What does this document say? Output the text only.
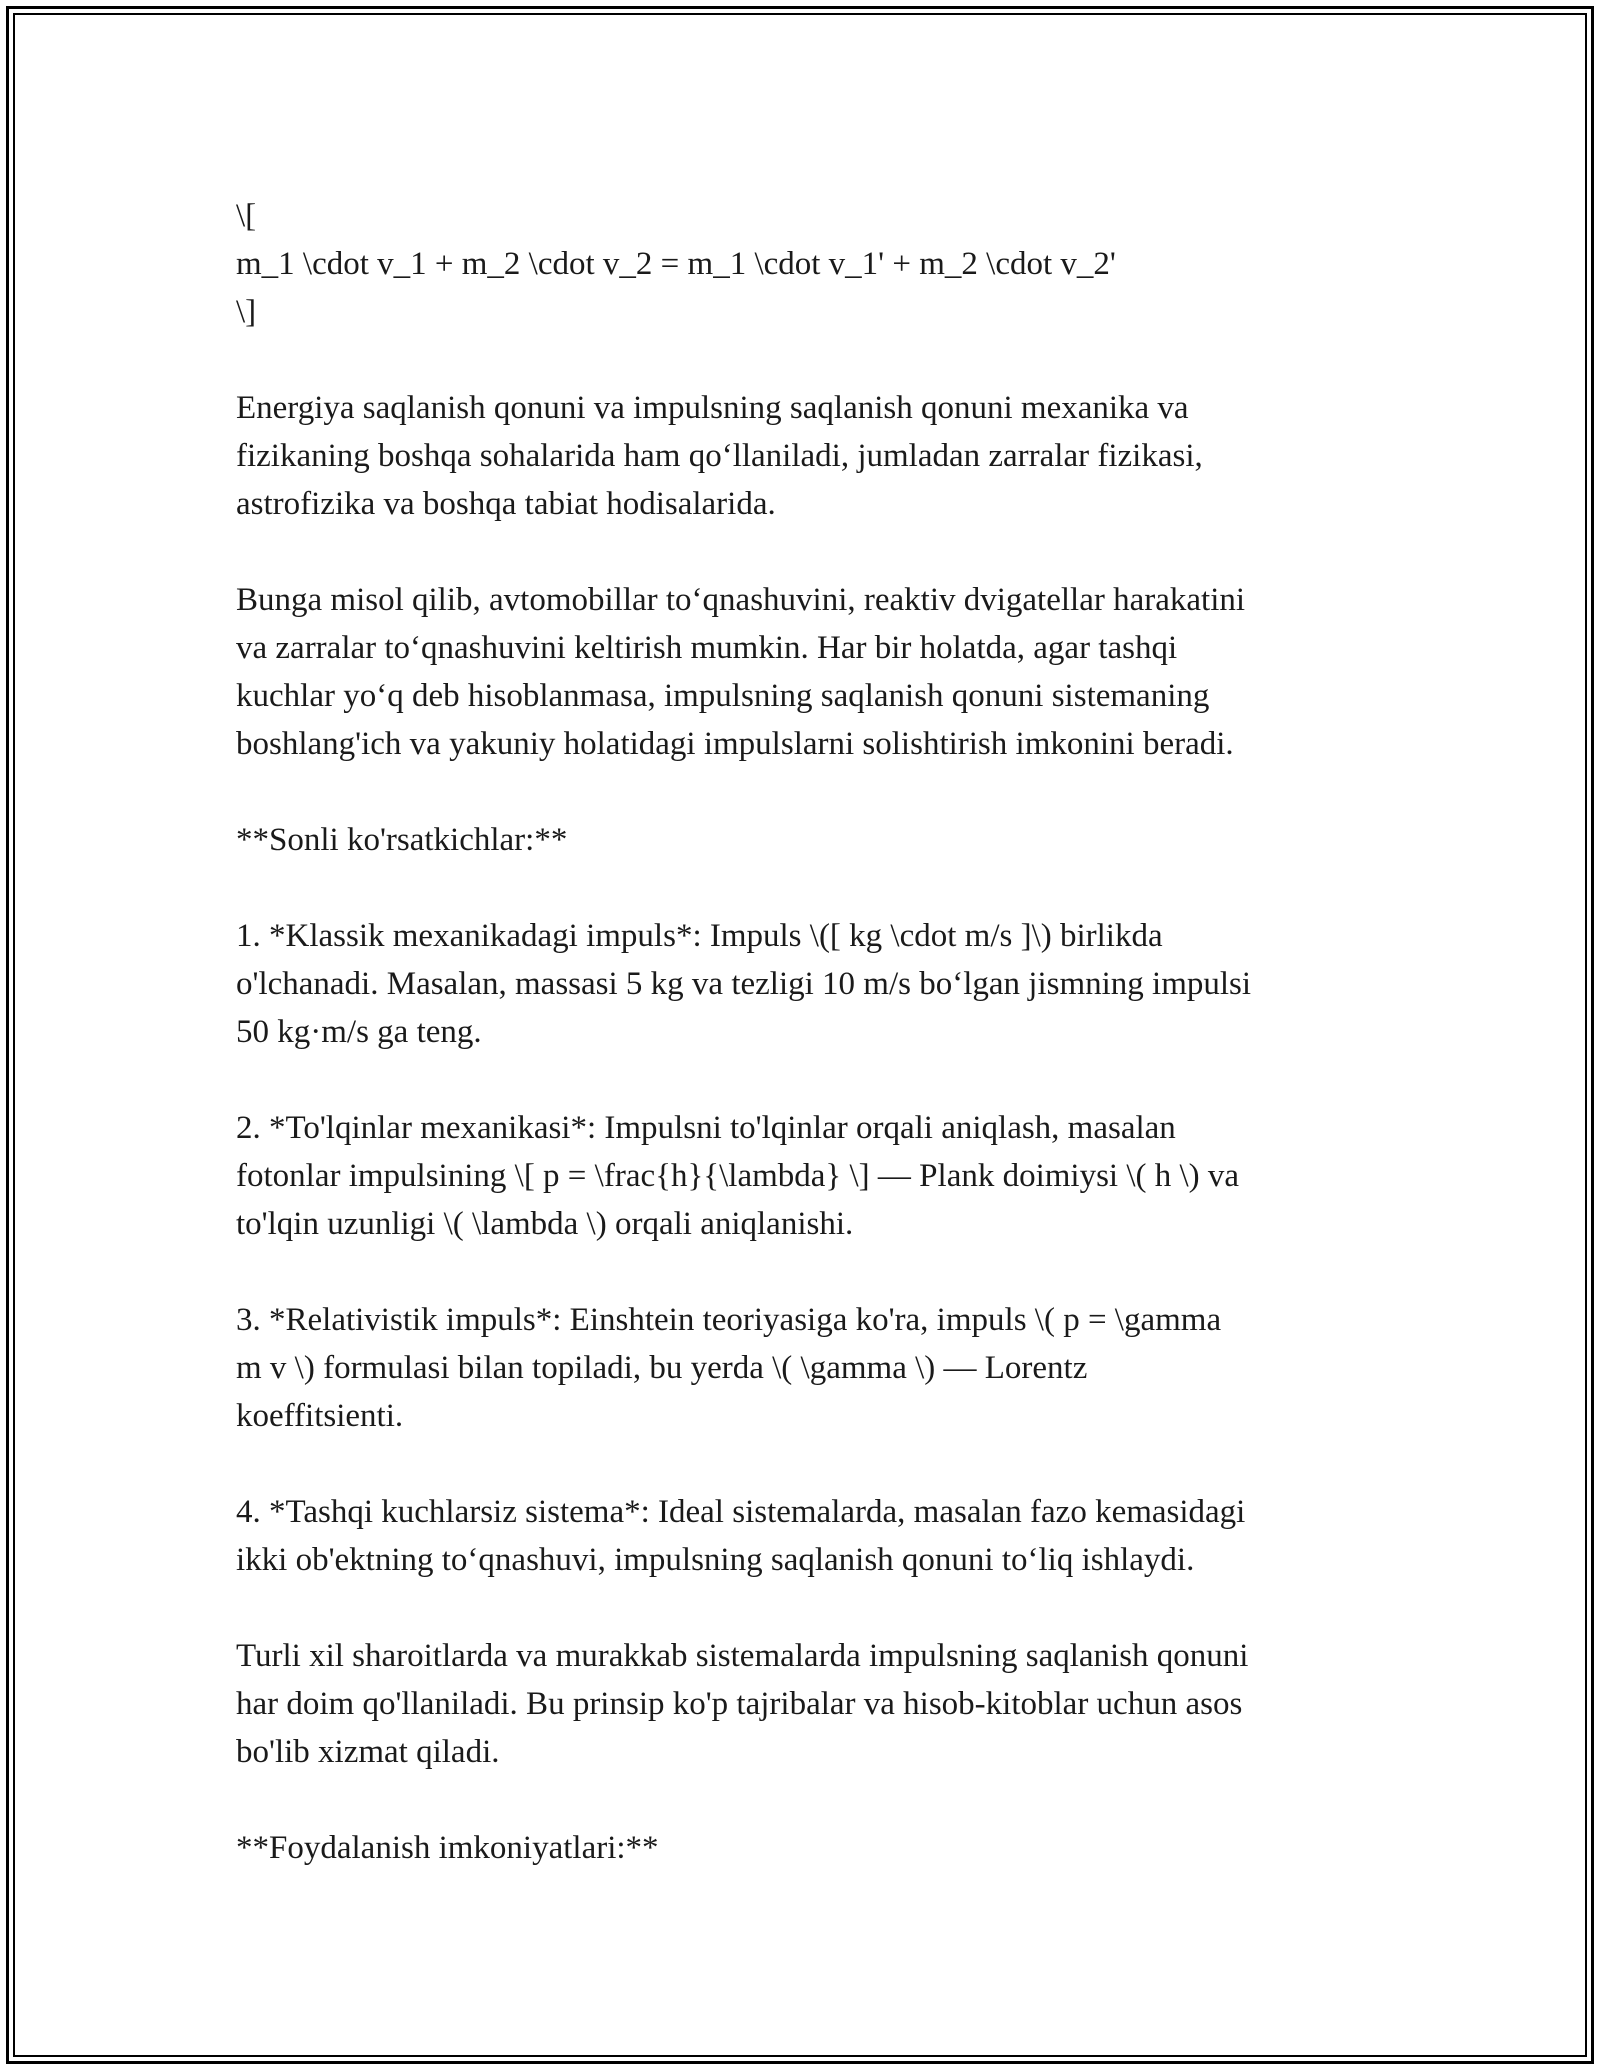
\[
m_1 \cdot v_1 + m_2 \cdot v_2 = m_1 \cdot v_1' + m_2 \cdot v_2'
\]
Energiya saqlanish qonuni va impulsning saqlanish qonuni mexanika va
fizikaning boshqa sohalarida ham qo‘llaniladi, jumladan zarralar fizikasi,
astrofizika va boshqa tabiat hodisalarida.
Bunga misol qilib, avtomobillar to‘qnashuvini, reaktiv dvigatellar harakatini
va zarralar to‘qnashuvini keltirish mumkin. Har bir holatda, agar tashqi
kuchlar yo‘q deb hisoblanmasa, impulsning saqlanish qonuni sistemaning
boshlang'ich va yakuniy holatidagi impulslarni solishtirish imkonini beradi.
**Sonli ko'rsatkichlar:**
1. *Klassik mexanikadagi impuls*: Impuls \([ kg \cdot m/s ]\) birlikda
o'lchanadi. Masalan, massasi 5 kg va tezligi 10 m/s bo‘lgan jismning impulsi
50 kg·m/s ga teng.
2. *To'lqinlar mexanikasi*: Impulsni to'lqinlar orqali aniqlash, masalan
fotonlar impulsining \[ p = \frac{h}{\lambda} \] — Plank doimiysi \( h \) va
to'lqin uzunligi \( \lambda \) orqali aniqlanishi.
3. *Relativistik impuls*: Einshtein teoriyasiga ko'ra, impuls \( p = \gamma
m v \) formulasi bilan topiladi, bu yerda \( \gamma \) — Lorentz
koeffitsienti.
4. *Tashqi kuchlarsiz sistema*: Ideal sistemalarda, masalan fazo kemasidagi
ikki ob'ektning to‘qnashuvi, impulsning saqlanish qonuni to‘liq ishlaydi.
Turli xil sharoitlarda va murakkab sistemalarda impulsning saqlanish qonuni
har doim qo'llaniladi. Bu prinsip ko'p tajribalar va hisob-kitoblar uchun asos
bo'lib xizmat qiladi.
**Foydalanish imkoniyatlari:**
